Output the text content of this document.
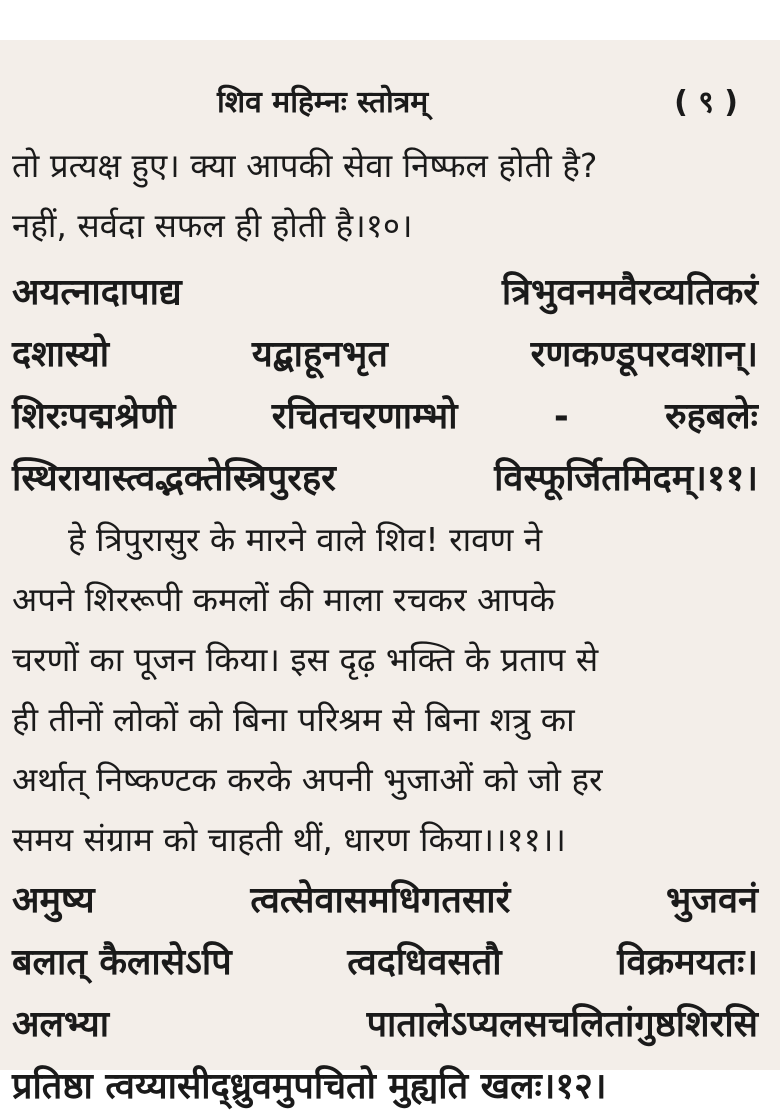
शिव महिम्नः स्तोत्रम्	( ९ )
तो प्रत्यक्ष हुए। क्या आपकी सेवा निष्फल होती है?
नहीं, सर्वदा सफल ही होती है।१०।
अयत्नादापाद्य	त्रिभुवनमवैरव्यतिकरं
दशास्यो	यद्बाहूनभृत	रणकण्डूपरवशान्।
शिरःपद्मश्रेणी	रचितचरणाम्भो	-	रुहबलेः
स्थिरायास्त्वद्भक्तेस्त्रिपुरहर	विस्फूर्जितमिदम्।११।
हे त्रिपुरासुर के मारने वाले शिव! रावण ने
अपने शिररूपी कमलों की माला रचकर आपके
चरणों का पूजन किया। इस दृढ़ भक्ति के प्रताप से
ही तीनों लोकों को बिना परिश्रम से बिना शत्रु का
अर्थात् निष्कण्टक करके अपनी भुजाओं को जो हर
समय संग्राम को चाहती थीं, धारण किया।।११।।
अमुष्य	त्वत्सेवासमधिगतसारं	भुजवनं
बलात् कैलासेऽपि	त्वदधिवसतौ	विक्रमयतः।
अलभ्या	पातालेऽप्यलसचलितांगुष्ठशिरसि
प्रतिष्ठा त्वय्यासीद्ध्रुवमुपचितो मुह्यति खलः।१२।
